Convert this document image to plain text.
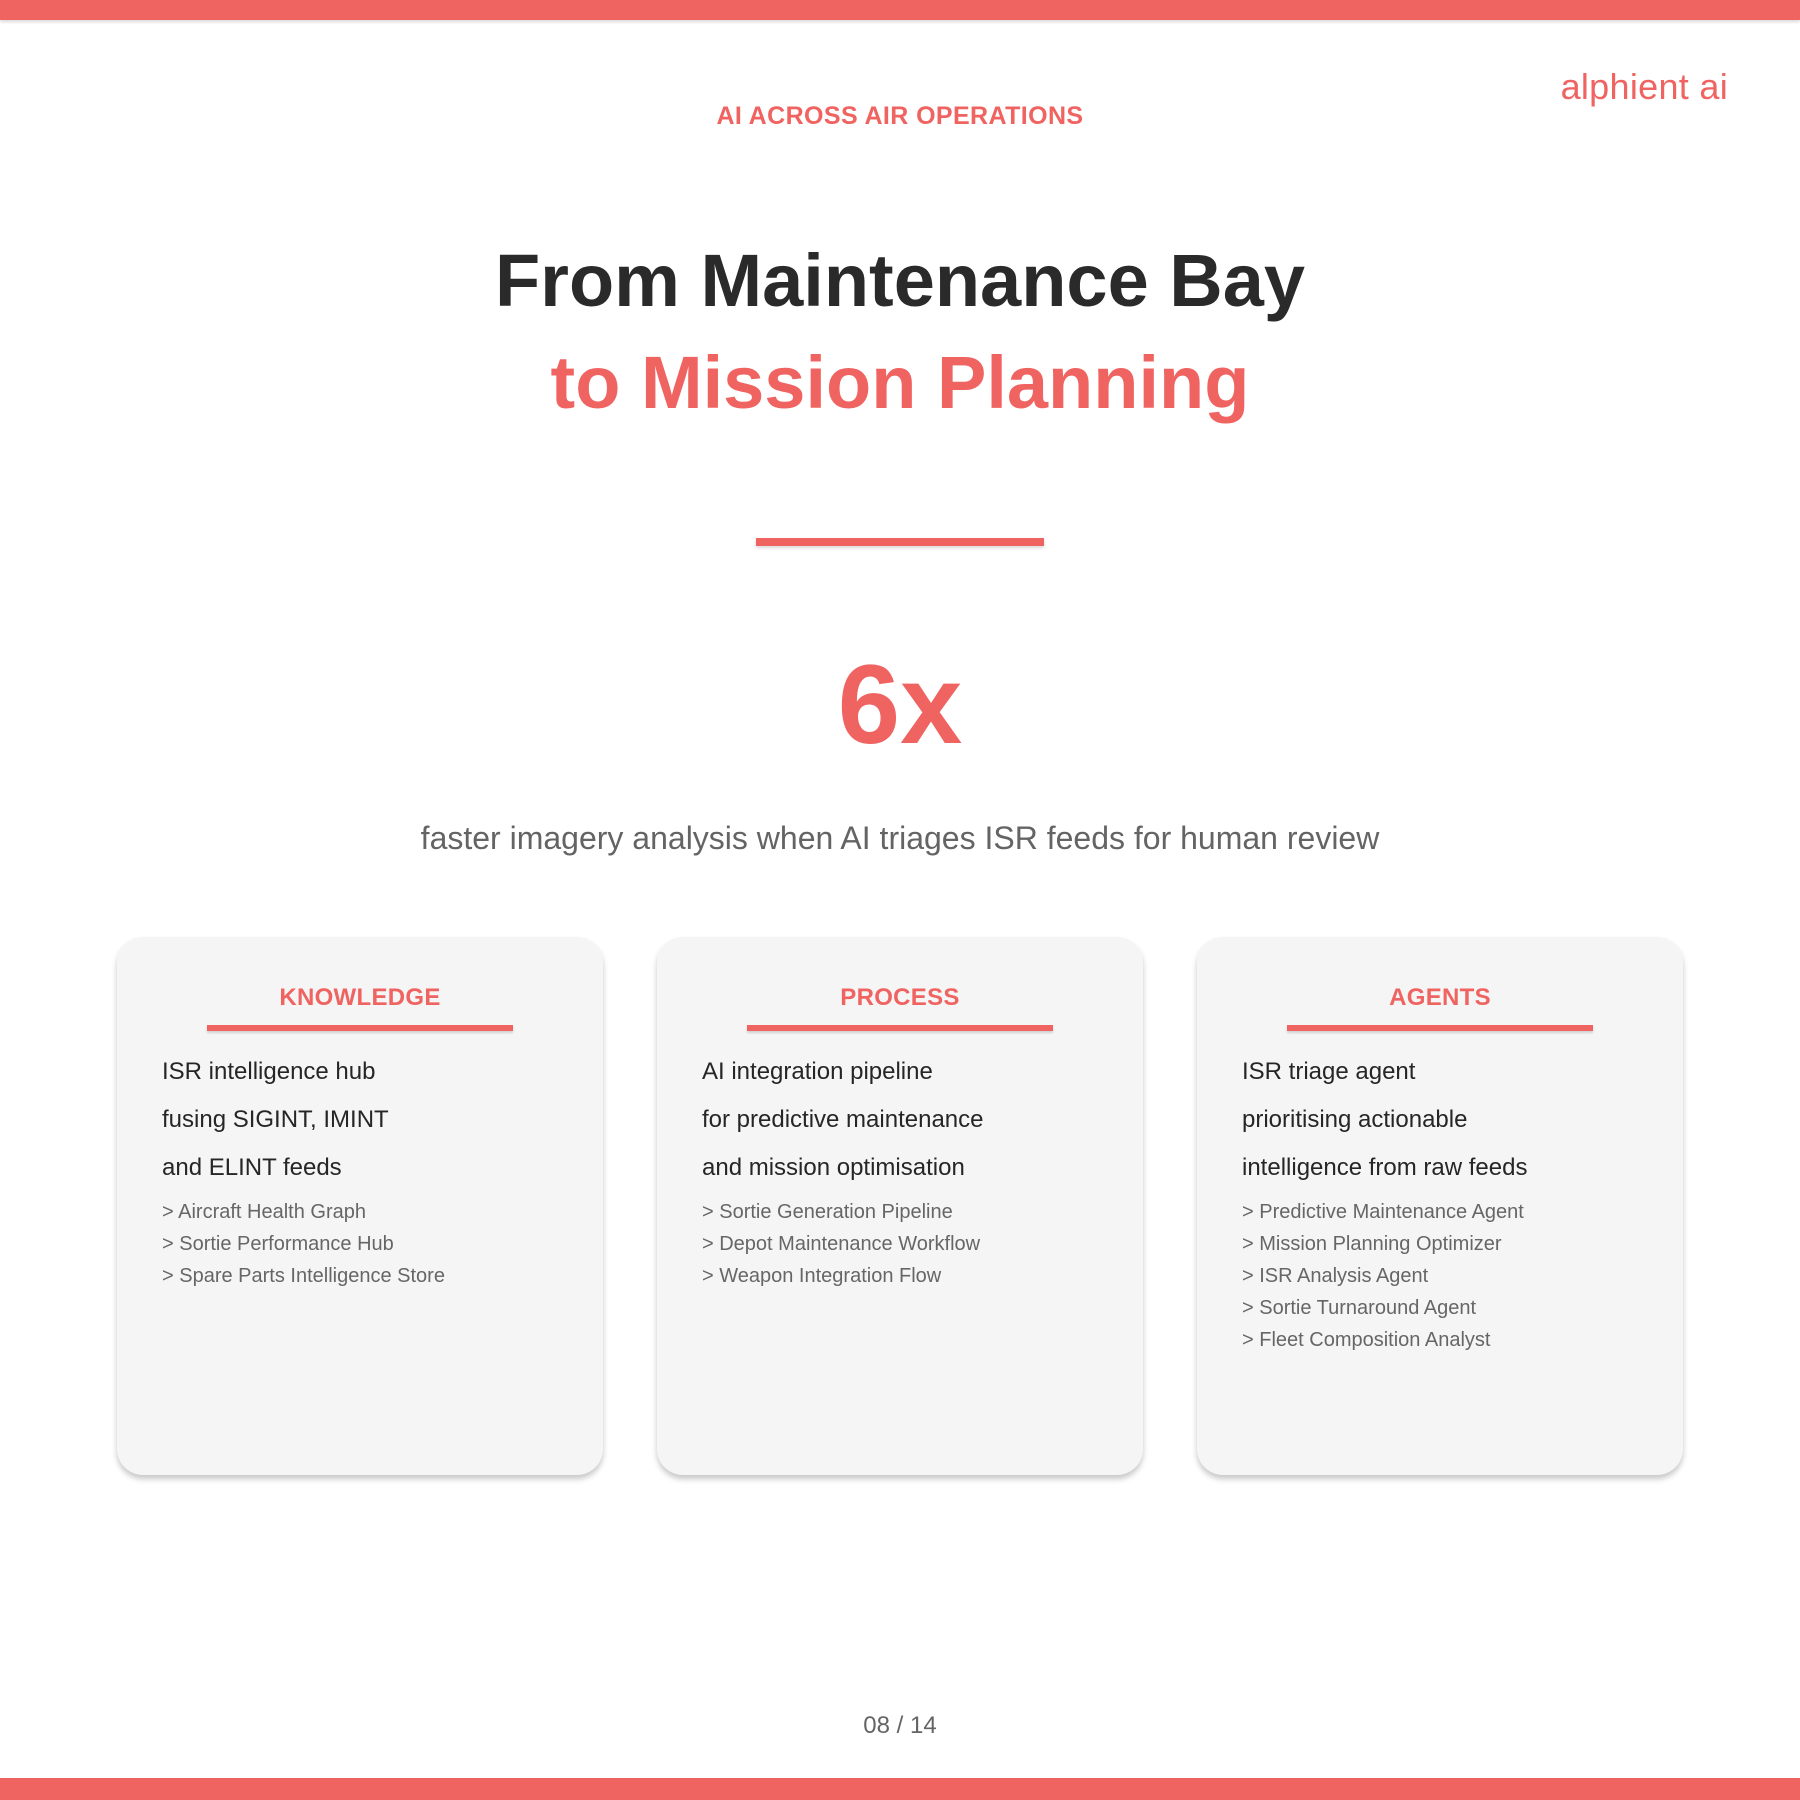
alphient ai
AI ACROSS AIR OPERATIONS
From Maintenance Bay
to Mission Planning
6x
faster imagery analysis when AI triages ISR feeds for human review
KNOWLEDGE
ISR intelligence hub
fusing SIGINT, IMINT
and ELINT feeds
> Aircraft Health Graph
> Sortie Performance Hub
> Spare Parts Intelligence Store
PROCESS
AI integration pipeline
for predictive maintenance
and mission optimisation
> Sortie Generation Pipeline
> Depot Maintenance Workflow
> Weapon Integration Flow
AGENTS
ISR triage agent
prioritising actionable
intelligence from raw feeds
> Predictive Maintenance Agent
> Mission Planning Optimizer
> ISR Analysis Agent
> Sortie Turnaround Agent
> Fleet Composition Analyst
08 / 14
